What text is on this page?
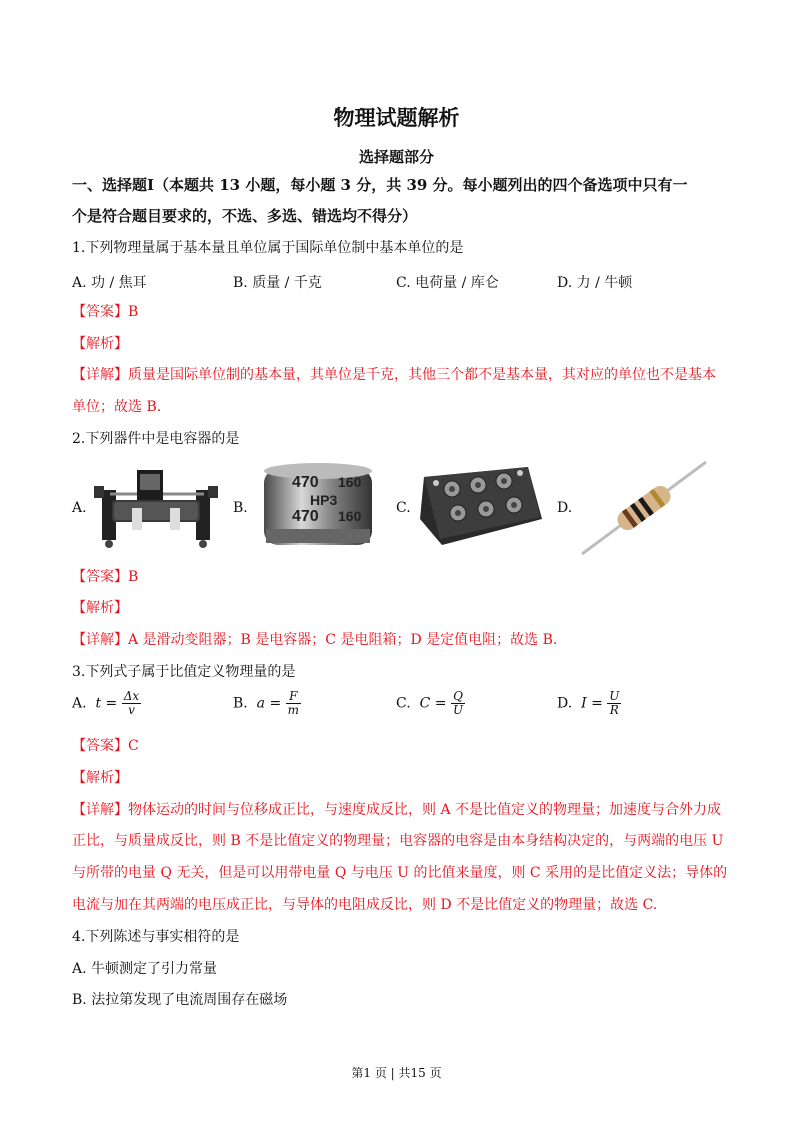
物理试题解析
选择题部分
一、选择题Ⅰ（本题共 13 小题，每小题 3 分，共 39 分。每小题列出的四个备选项中只有一
个是符合题目要求的，不选、多选、错选均不得分）
1.下列物理量属于基本量且单位属于国际单位制中基本单位的是
A. 功 / 焦耳	B. 质量 / 千克	C. 电荷量 / 库仑	D. 力 / 牛顿
【答案】B
【解析】
【详解】质量是国际单位制的基本量，其单位是千克，其他三个都不是基本量，其对应的单位也不是基本
单位；故选 B.
2.下列器件中是电容器的是
A.	B.	C.	D.
470 160
HP3
470 160
【答案】B
【解析】
【详解】A 是滑动变阻器；B 是电容器；C 是电阻箱；D 是定值电阻；故选 B.
3.下列式子属于比值定义物理量的是
A. $t = \frac{\Delta x}{v}$	B. $a = \frac{F}{m}$	C. $C = \frac{Q}{U}$	D. $I = \frac{U}{R}$
【答案】C
【解析】
【详解】物体运动的时间与位移成正比，与速度成反比，则 A 不是比值定义的物理量；加速度与合外力成
正比，与质量成反比，则 B 不是比值定义的物理量；电容器的电容是由本身结构决定的，与两端的电压 U
与所带的电量 Q 无关，但是可以用带电量 Q 与电压 U 的比值来量度，则 C 采用的是比值定义法；导体的
电流与加在其两端的电压成正比，与导体的电阻成反比，则 D 不是比值定义的物理量；故选 C.
4.下列陈述与事实相符的是
A. 牛顿测定了引力常量
B. 法拉第发现了电流周围存在磁场
第1 页 | 共15 页
